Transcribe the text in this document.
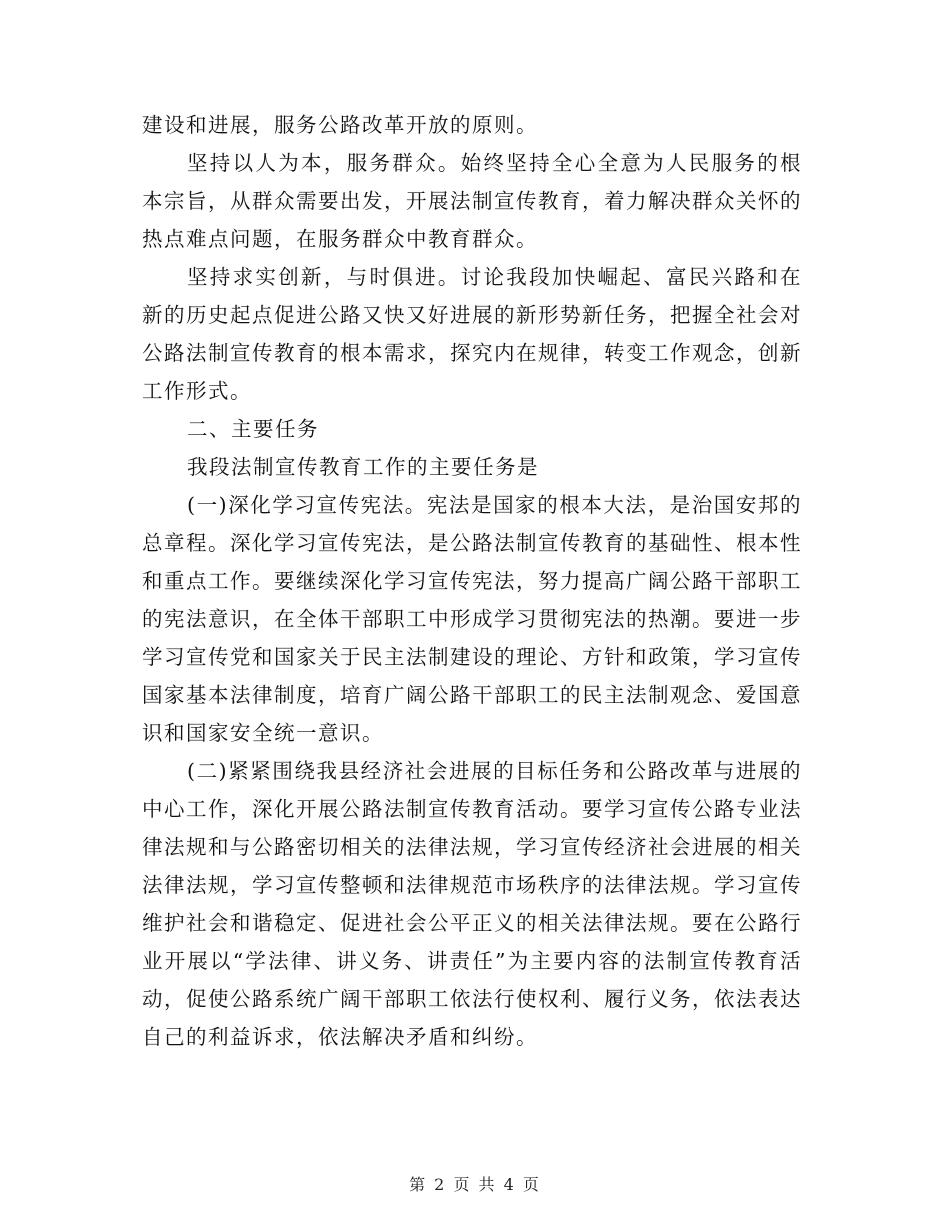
建设和进展，服务公路改革开放的原则。

坚持以人为本，服务群众。始终坚持全心全意为人民服务的根本宗旨，从群众需要出发，开展法制宣传教育，着力解决群众关怀的热点难点问题，在服务群众中教育群众。

坚持求实创新，与时俱进。讨论我段加快崛起、富民兴路和在新的历史起点促进公路又快又好进展的新形势新任务，把握全社会对公路法制宣传教育的根本需求，探究内在规律，转变工作观念，创新工作形式。

二、主要任务

我段法制宣传教育工作的主要任务是

(一)深化学习宣传宪法。宪法是国家的根本大法，是治国安邦的总章程。深化学习宣传宪法，是公路法制宣传教育的基础性、根本性和重点工作。要继续深化学习宣传宪法，努力提高广阔公路干部职工的宪法意识，在全体干部职工中形成学习贯彻宪法的热潮。要进一步学习宣传党和国家关于民主法制建设的理论、方针和政策，学习宣传国家基本法律制度，培育广阔公路干部职工的民主法制观念、爱国意识和国家安全统一意识。

(二)紧紧围绕我县经济社会进展的目标任务和公路改革与进展的中心工作，深化开展公路法制宣传教育活动。要学习宣传公路专业法律法规和与公路密切相关的法律法规，学习宣传经济社会进展的相关法律法规，学习宣传整顿和法律规范市场秩序的法律法规。学习宣传维护社会和谐稳定、促进社会公平正义的相关法律法规。要在公路行业开展以“学法律、讲义务、讲责任”为主要内容的法制宣传教育活动，促使公路系统广阔干部职工依法行使权利、履行义务，依法表达自己的利益诉求，依法解决矛盾和纠纷。

第 2 页 共 4 页
